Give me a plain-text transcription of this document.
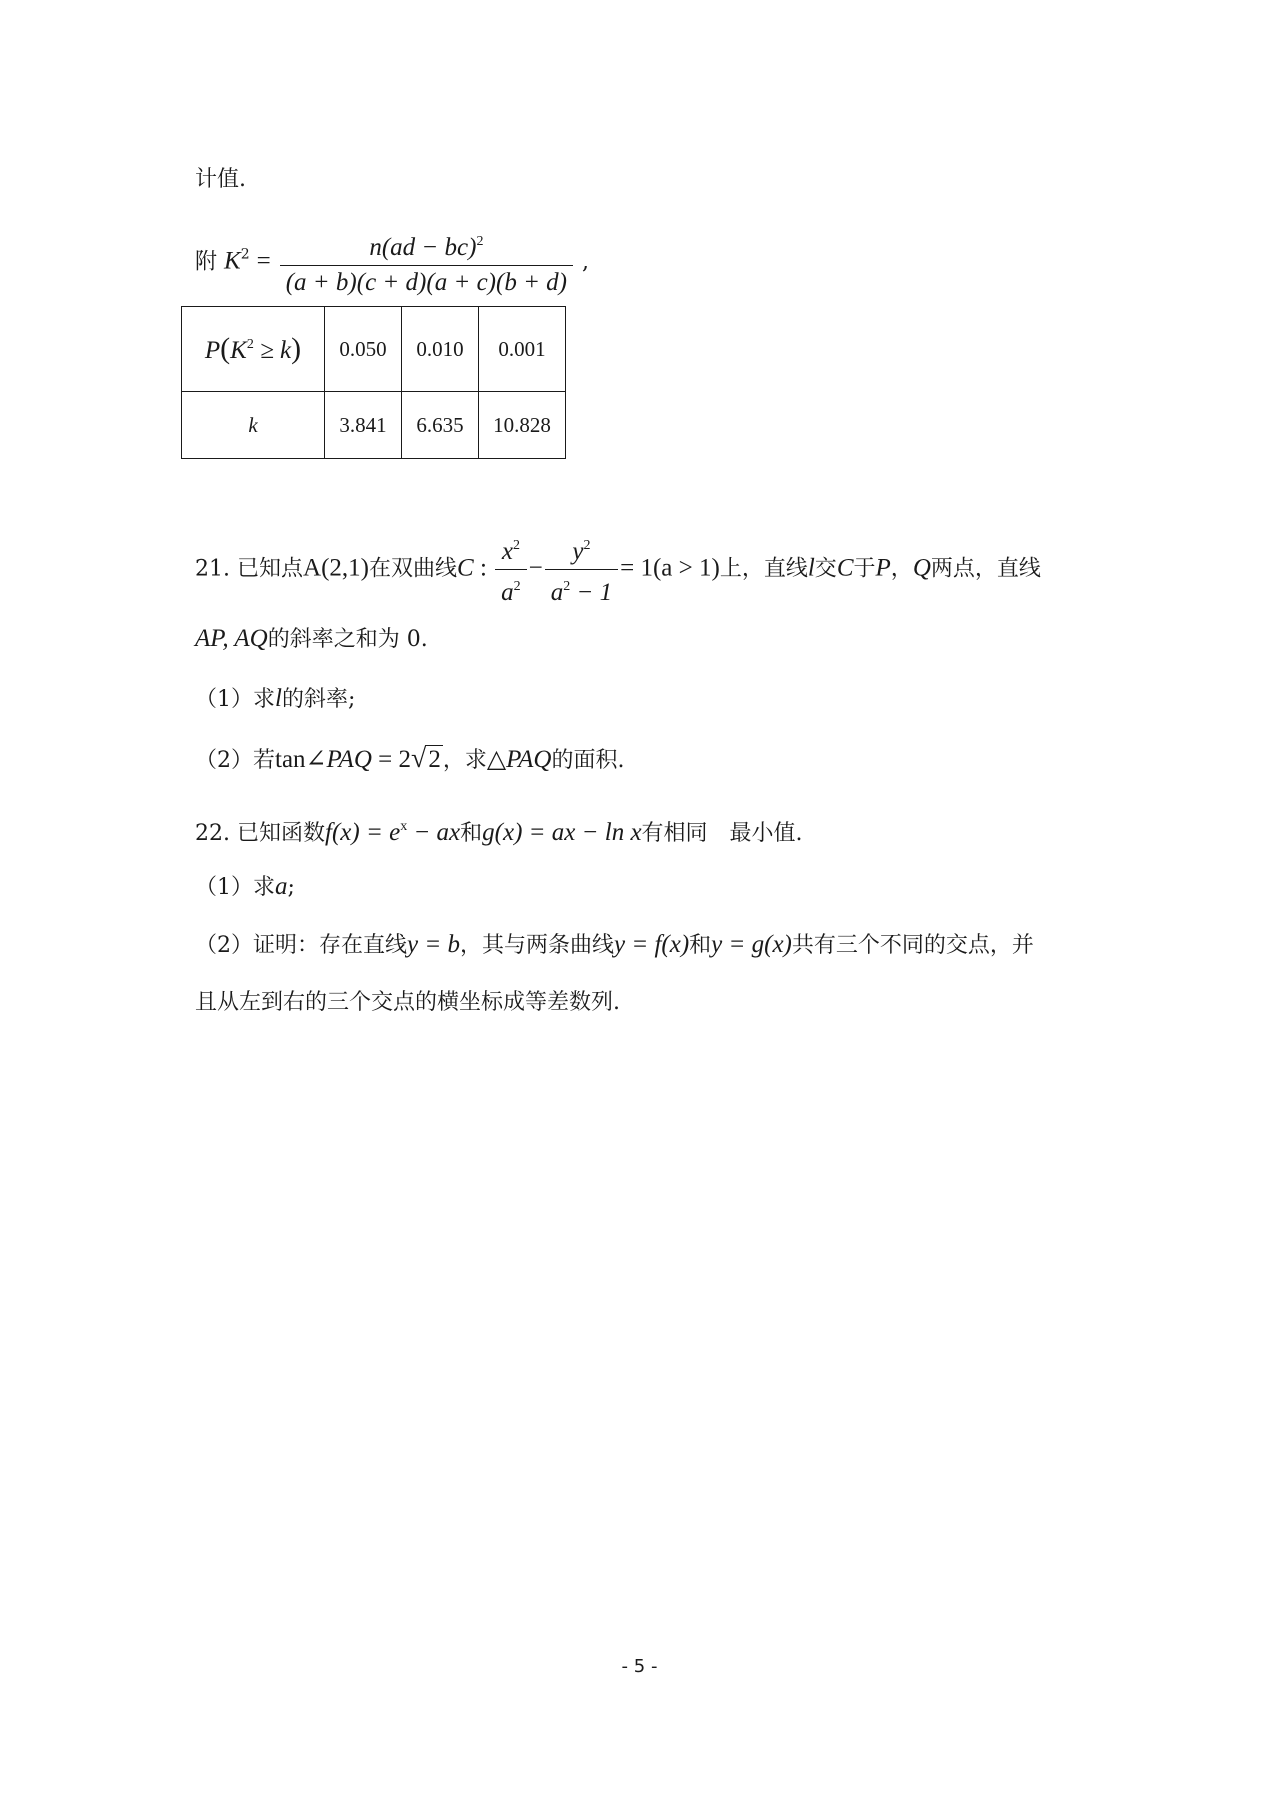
计值.
附 $K^2 = \frac{n(ad - bc)^2}{(a + b)(c + d)(a + c)(b + d)}$ ,
$P(K^2 \ge k)$	0.050	0.010	0.001
k	3.841	6.635	10.828
21. 已知点A(2,1)在双曲线C : $\frac{x^2}{a^2} - \frac{y^2}{a^2 - 1} = 1(a > 1)$上，直线l交C于P，Q两点，直线
AP, AQ的斜率之和为 0.
（1）求l的斜率;
（2）若tan∠PAQ = 2√2，求△PAQ的面积.
22. 已知函数$f(x) = e^x$ − ax和g(x) = ax − ln x有相同　最小值.
（1）求a;
（2）证明：存在直线y = b，其与两条曲线y = f(x)和y = g(x)共有三个不同的交点，并
且从左到右的三个交点的横坐标成等差数列.
- 5 -
